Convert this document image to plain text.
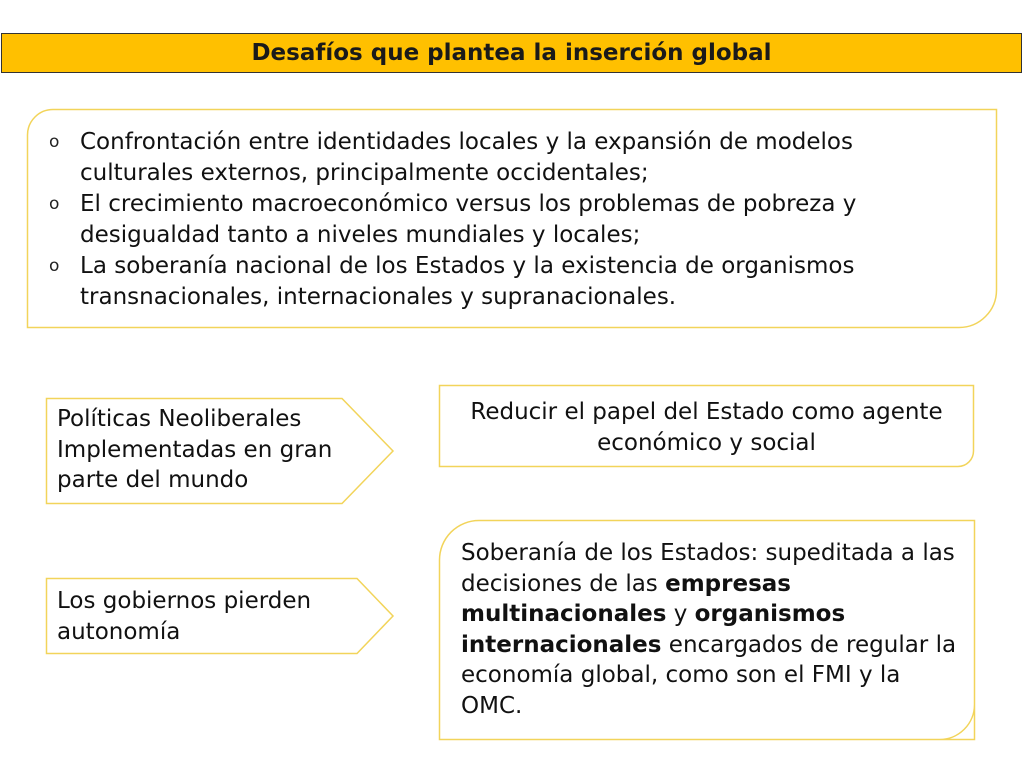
Desafíos que plantea la inserción global
o Confrontación entre identidades locales y la expansión de modelos culturales externos, principalmente occidentales;
o El crecimiento macroeconómico versus los problemas de pobreza y desigualdad tanto a niveles mundiales y locales;
o La soberanía nacional de los Estados y la existencia de organismos transnacionales, internacionales y supranacionales.
Políticas Neoliberales Implementadas en gran parte del mundo
Reducir el papel del Estado como agente económico y social
Los gobiernos pierden autonomía
Soberanía de los Estados: supeditada a las decisiones de las empresas multinacionales y organismos internacionales encargados de regular la economía global, como son el FMI y la OMC.
